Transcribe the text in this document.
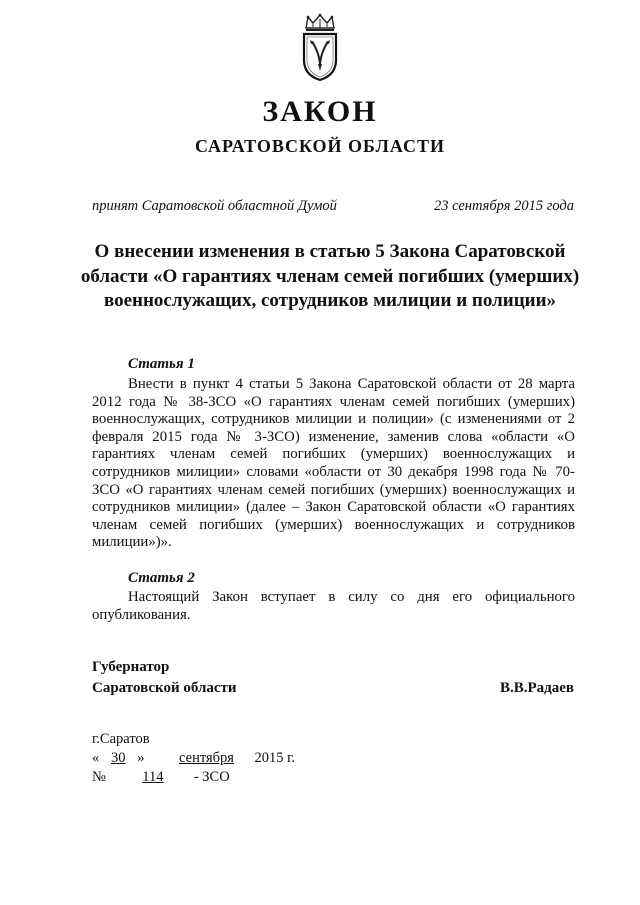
ЗАКОН
САРАТОВСКОЙ ОБЛАСТИ
принят Саратовской областной Думой	23 сентября 2015 года
О внесении изменения в статью 5 Закона Саратовской области «О гарантиях членам семей погибших (умерших) военнослужащих, сотрудников милиции и полиции»
Статья 1
Внести в пункт 4 статьи 5 Закона Саратовской области от 28 марта 2012 года № 38-ЗСО «О гарантиях членам семей погибших (умерших) военнослужащих, сотрудников милиции и полиции» (с изменениями от 2 февраля 2015 года № 3-ЗСО) изменение, заменив слова «области «О гарантиях членам семей погибших (умерших) военнослужащих и сотрудников милиции» словами «области от 30 декабря 1998 года № 70-ЗСО «О гарантиях членам семей погибших (умерших) военнослужащих и сотрудников милиции» (далее – Закон Саратовской области «О гарантиях членам семей погибших (умерших) военнослужащих и сотрудников милиции»)».
Статья 2
Настоящий Закон вступает в силу со дня его официального опубликования.
Губернатор
Саратовской области	В.В.Радаев
г.Саратов
« 30 » сентября 2015 г.
№	114 - ЗСО
